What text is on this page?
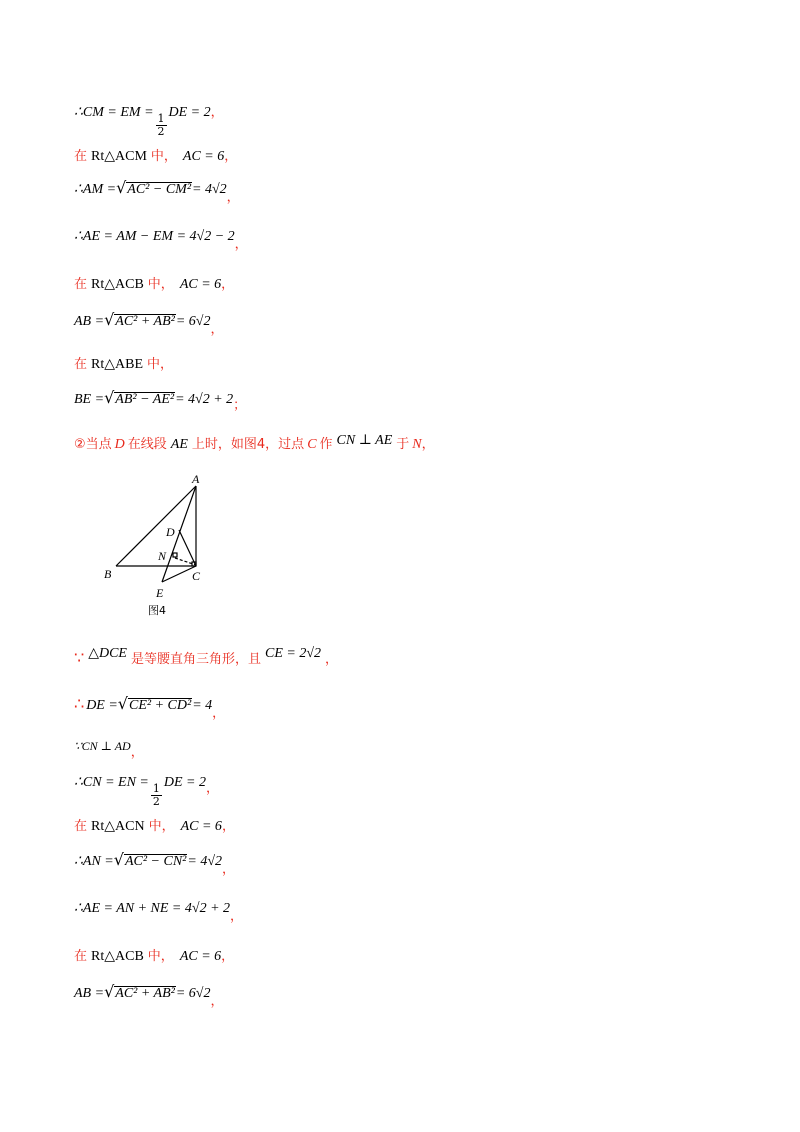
∴CM = EM =
$\frac{1}{2}$
DE = 2 ，
在 Rt△ACM 中， AC = 6 ，
∴AM = √ AC² − CM² = 4√2
，
∴AE = AM − EM = 4√2 − 2
，
在 Rt△ACB 中， AC = 6 ，
AB = √ AC² + AB² = 6√2
，
在 Rt△ABE 中，
BE = √ AB² − AE² = 4√2 + 2 ；
②当点 D 在线段 AE 上时，如图4，过点 C 作 CN ⊥ AE 于 N ，
A
B	C
D
N
E
图4
∵ △DCE 是等腰直角三角形，且 CE = 2√2 ，
∴ DE = √ CE² + CD² = 4
，
∵CN ⊥ AD ，
∴CN = EN =
$\frac{1}{2}$
DE = 2 ，
在 Rt△ACN 中， AC = 6 ，
∴AN = √ AC² − CN² = 4√2
，
∴AE = AN + NE = 4√2 + 2
，
在 Rt△ACB 中， AC = 6 ，
AB = √ AC² + AB² = 6√2
，
